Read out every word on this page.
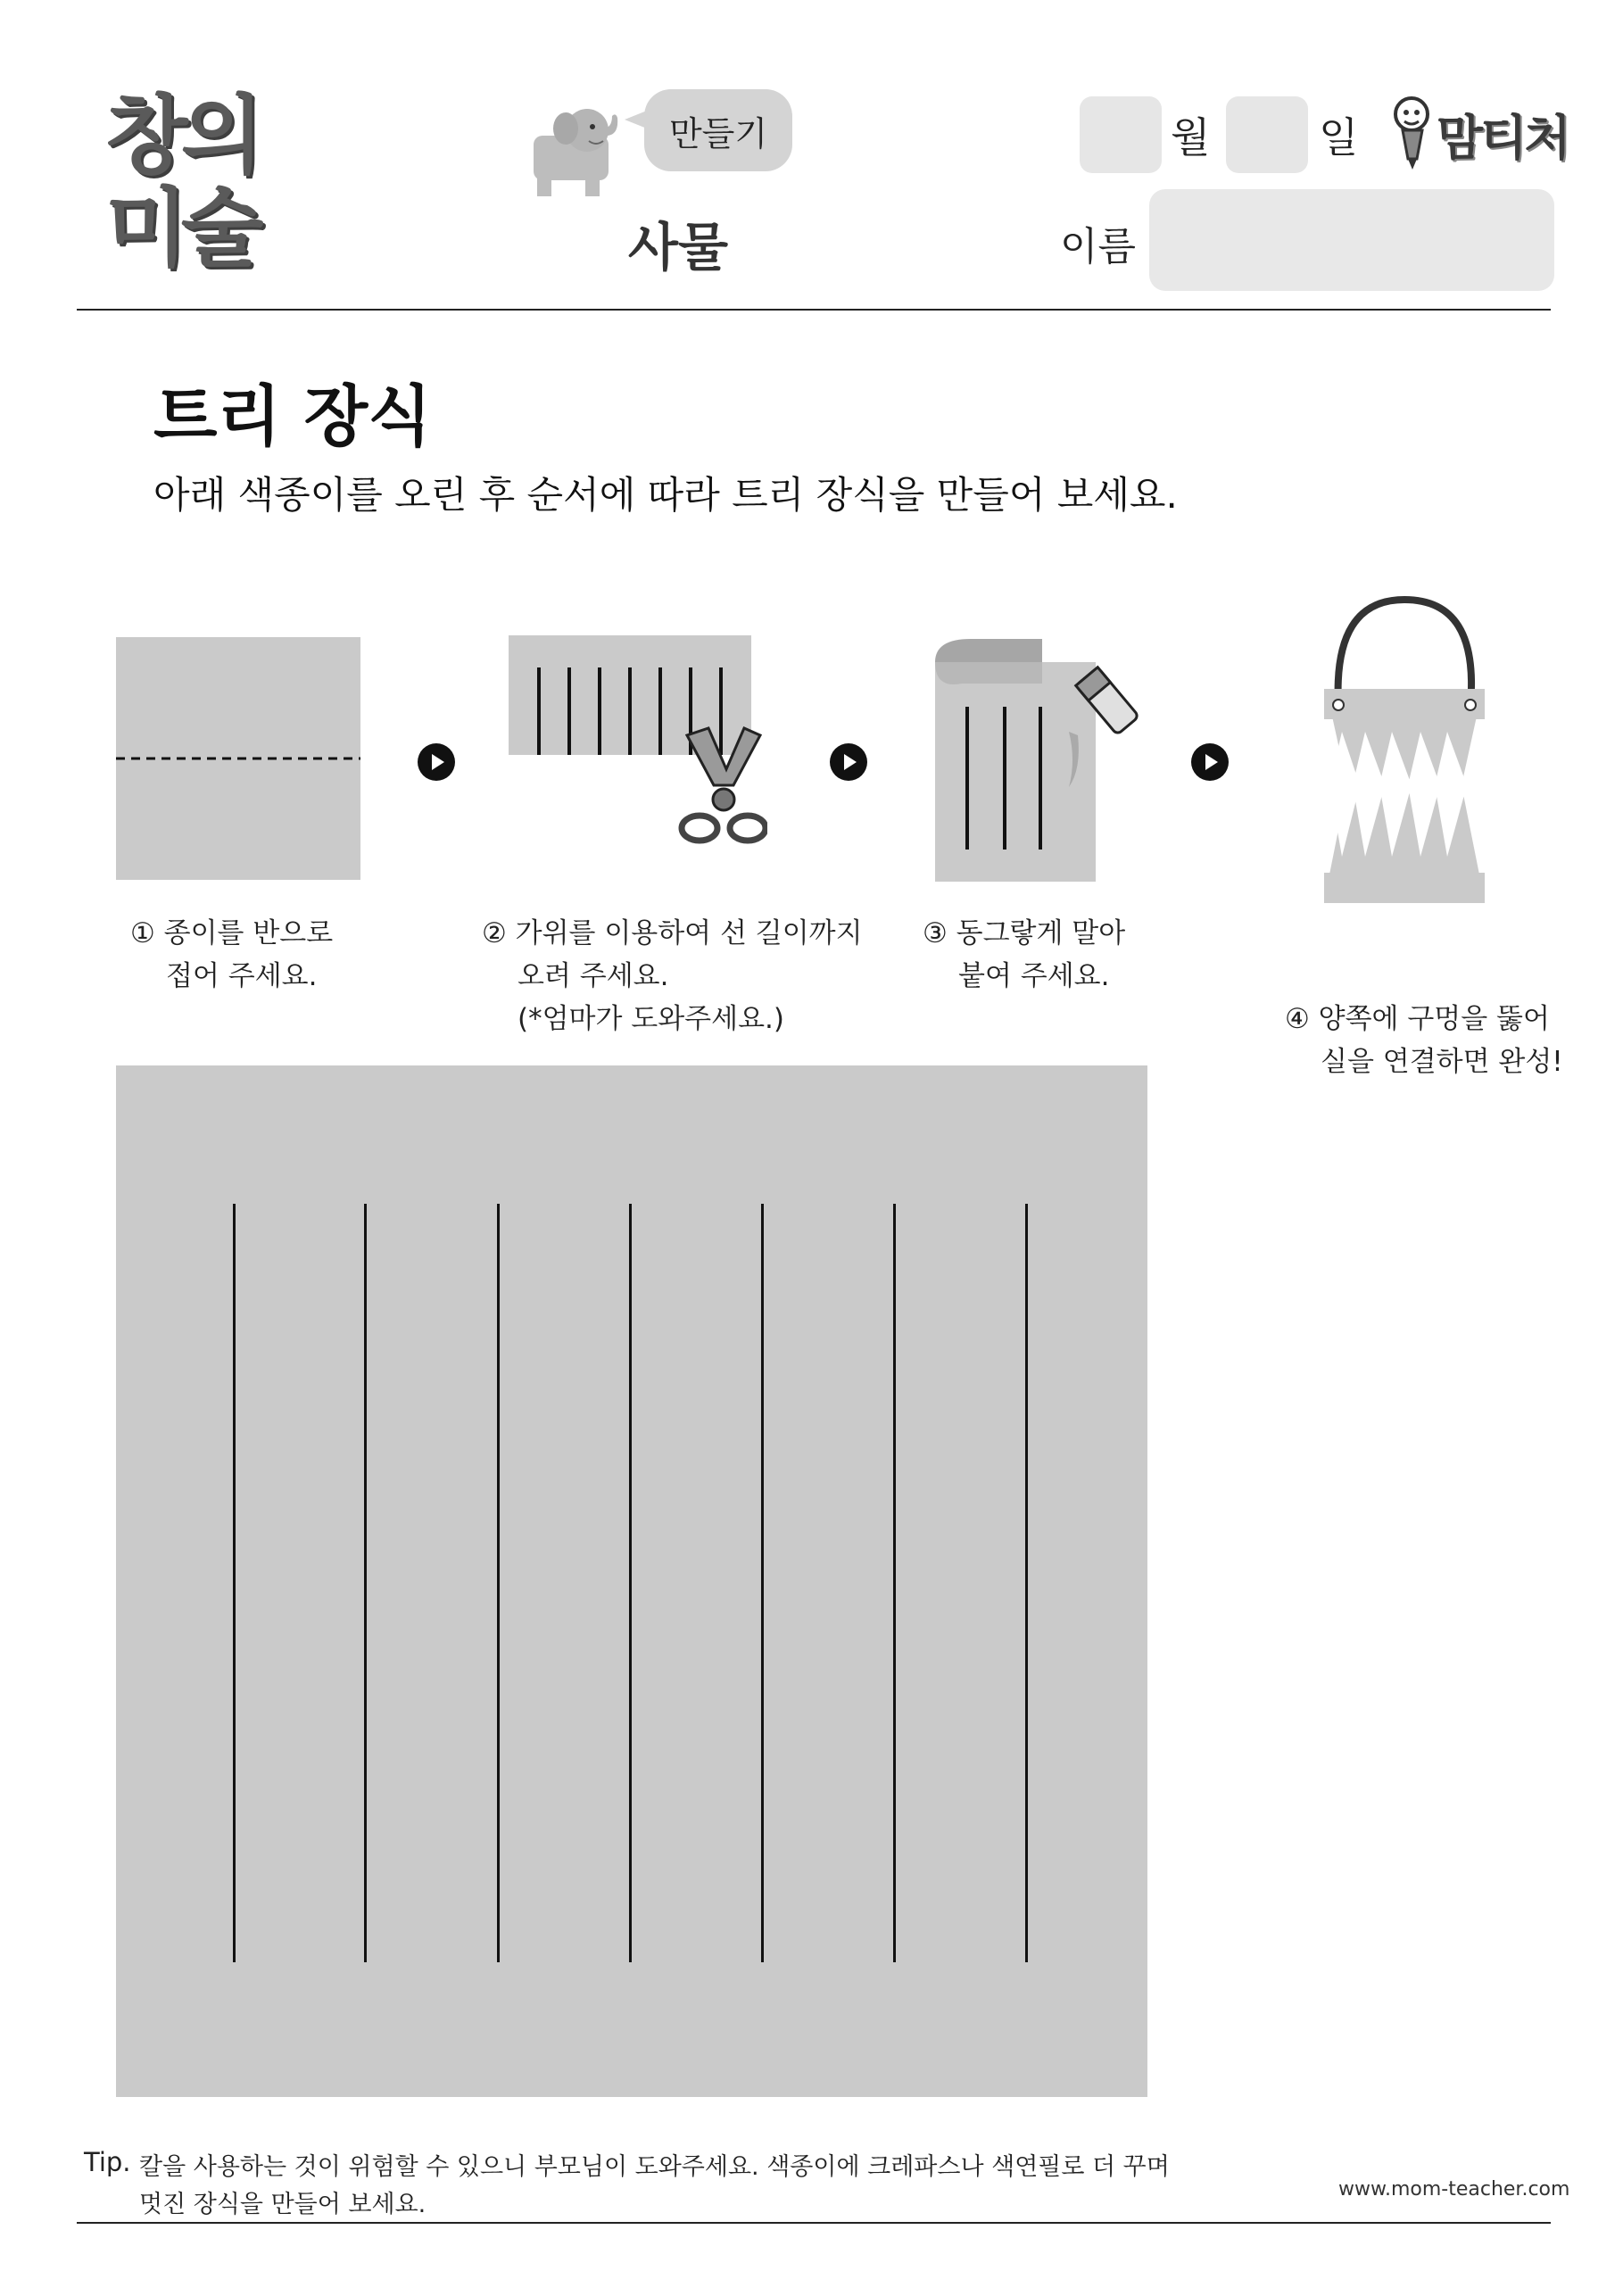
창의
미술
만들기
사물
월	일 맘티처
이름
트리 장식
아래 색종이를 오린 후 순서에 따라 트리 장식을 만들어 보세요.
① 종이를 반으로
접어 주세요.
② 가위를 이용하여 선 길이까지
오려 주세요.
(*엄마가 도와주세요.)
③ 동그랗게 말아
붙여 주세요.
④ 양쪽에 구멍을 뚫어
실을 연결하면 완성!
Tip. 칼을 사용하는 것이 위험할 수 있으니 부모님이 도와주세요. 색종이에 크레파스나 색연필로 더 꾸며
멋진 장식을 만들어 보세요.
www.mom-teacher.com
